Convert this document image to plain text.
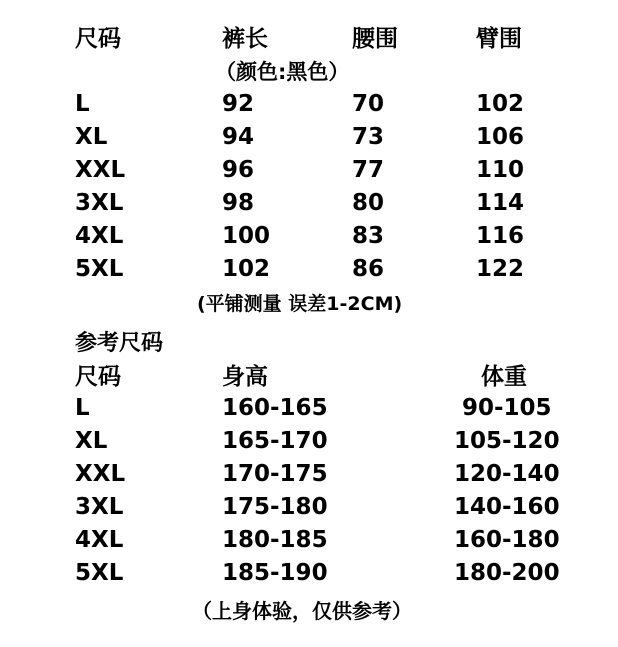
尺码	裤长	腰围	臂围
（颜色:黑色）
L	92	70	102
XL	94	73	106
XXL	96	77	110
3XL	98	80	114
4XL	100	83	116
5XL	102	86	122
(平铺测量 误差1-2CM)
参考尺码
尺码	身高	体重
L	160-165	90-105
XL	165-170	105-120
XXL	170-175	120-140
3XL	175-180	140-160
4XL	180-185	160-180
5XL	185-190	180-200
（上身体验，仅供参考）
